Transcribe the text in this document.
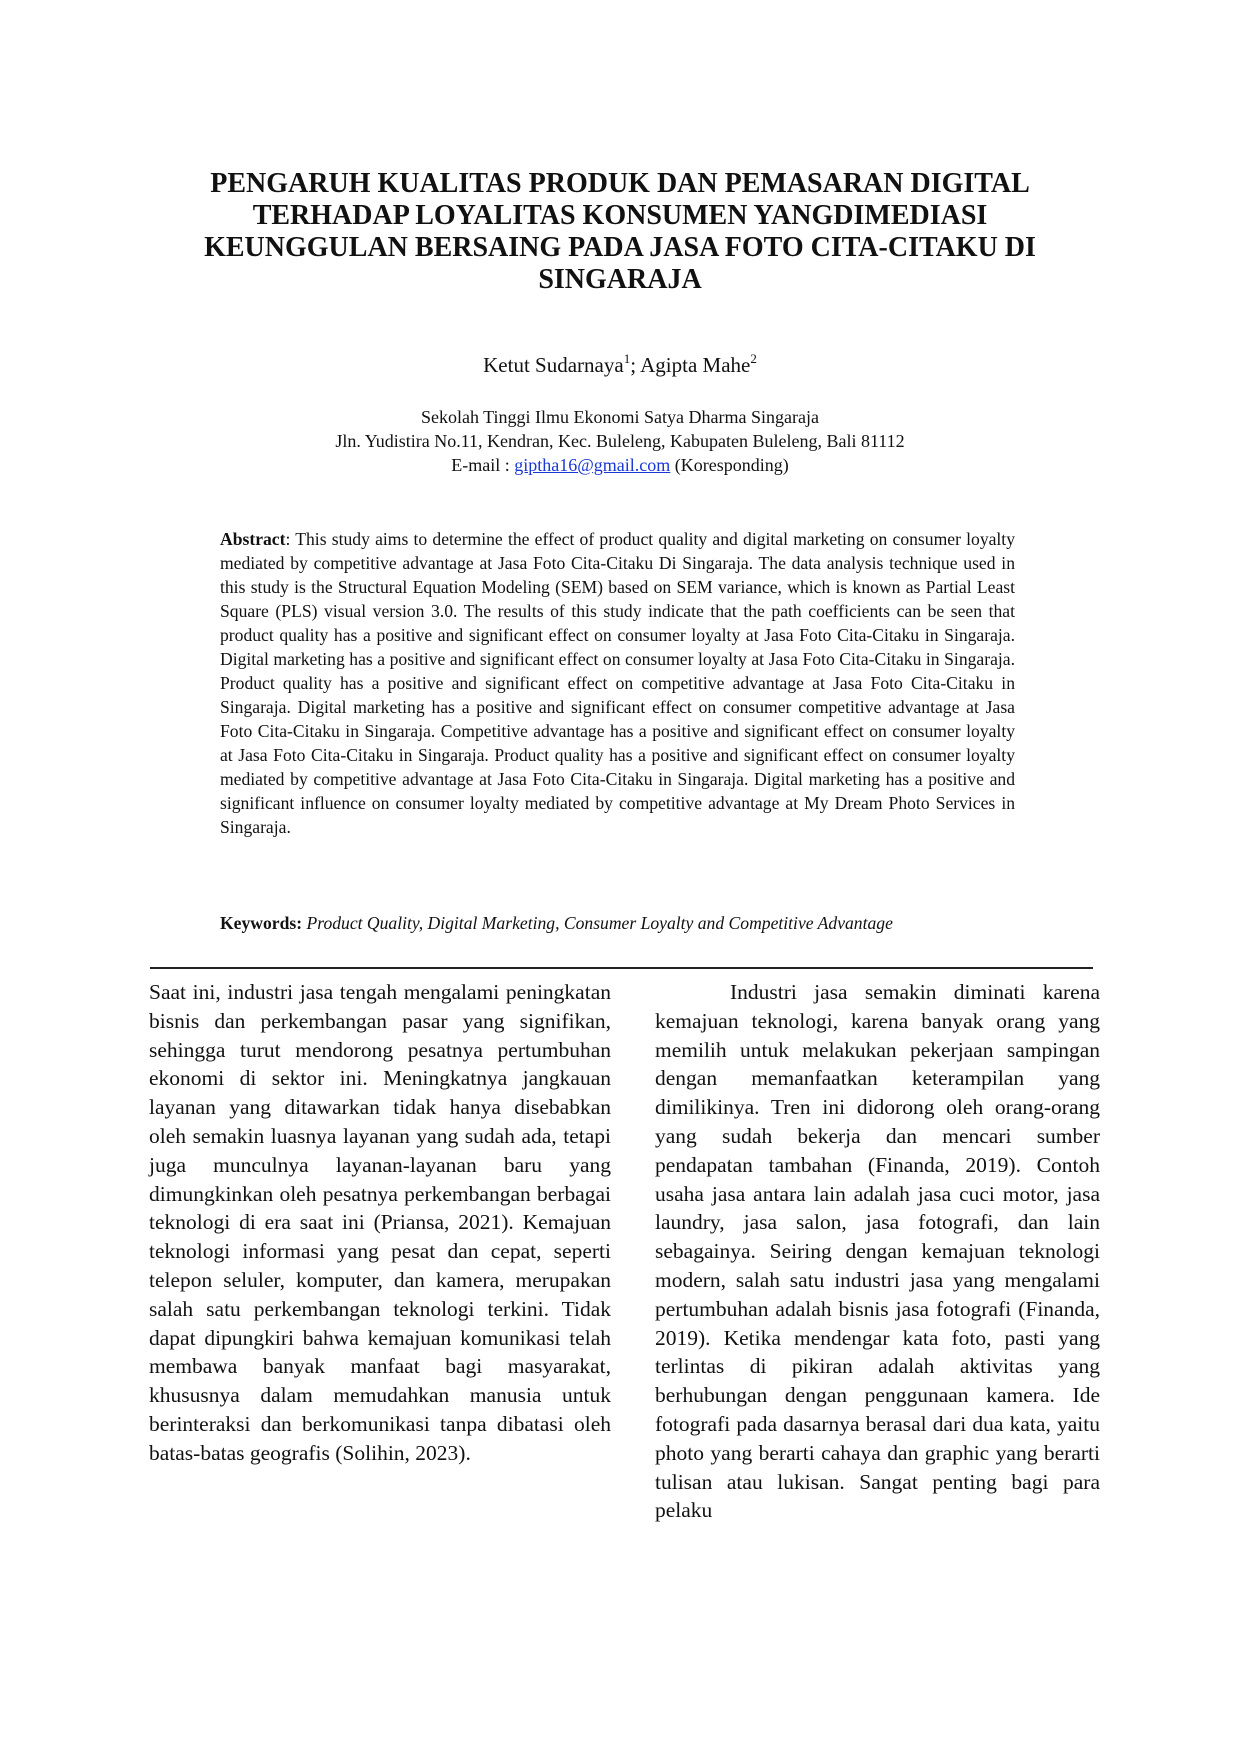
PENGARUH KUALITAS PRODUK DAN PEMASARAN DIGITAL
TERHADAP LOYALITAS KONSUMEN YANGDIMEDIASI
KEUNGGULAN BERSAING PADA JASA FOTO CITA-CITAKU DI
SINGARAJA
Ketut Sudarnaya$^1$; Agipta Mahe$^2$
Sekolah Tinggi Ilmu Ekonomi Satya Dharma Singaraja
Jln. Yudistira No.11, Kendran, Kec. Buleleng, Kabupaten Buleleng, Bali 81112
E-mail : giptha16@gmail.com (Koresponding)

Abstract: This study aims to determine the effect of product quality and digital marketing on consumer loyalty mediated by competitive advantage at Jasa Foto Cita-Citaku Di Singaraja. The data analysis technique used in this study is the Structural Equation Modeling (SEM) based on SEM variance, which is known as Partial Least Square (PLS) visual version 3.0. The results of this study indicate that the path coefficients can be seen that product quality has a positive and significant effect on consumer loyalty at Jasa Foto Cita-Citaku in Singaraja. Digital marketing has a positive and significant effect on consumer loyalty at Jasa Foto Cita-Citaku in Singaraja. Product quality has a positive and significant effect on competitive advantage at Jasa Foto Cita-Citaku in Singaraja. Digital marketing has a positive and significant effect on consumer competitive advantage at Jasa Foto Cita-Citaku in Singaraja. Competitive advantage has a positive and significant effect on consumer loyalty at Jasa Foto Cita-Citaku in Singaraja. Product quality has a positive and significant effect on consumer loyalty mediated by competitive advantage at Jasa Foto Cita-Citaku in Singaraja. Digital marketing has a positive and significant influence on consumer loyalty mediated by competitive advantage at My Dream Photo Services in Singaraja.

Keywords: Product Quality, Digital Marketing, Consumer Loyalty and Competitive Advantage

Saat ini, industri jasa tengah mengalami peningkatan bisnis dan perkembangan pasar yang signifikan, sehingga turut mendorong pesatnya pertumbuhan ekonomi di sektor ini. Meningkatnya jangkauan layanan yang ditawarkan tidak hanya disebabkan oleh semakin luasnya layanan yang sudah ada, tetapi juga munculnya layanan-layanan baru yang dimungkinkan oleh pesatnya perkembangan berbagai teknologi di era saat ini (Priansa, 2021). Kemajuan teknologi informasi yang pesat dan cepat, seperti telepon seluler, komputer, dan kamera, merupakan salah satu perkembangan teknologi terkini. Tidak dapat dipungkiri bahwa kemajuan komunikasi telah membawa banyak manfaat bagi masyarakat, khususnya dalam memudahkan manusia untuk berinteraksi dan berkomunikasi tanpa dibatasi oleh batas-batas geografis (Solihin, 2023).

Industri jasa semakin diminati karena kemajuan teknologi, karena banyak orang yang memilih untuk melakukan pekerjaan sampingan dengan memanfaatkan keterampilan yang dimilikinya. Tren ini didorong oleh orang-orang yang sudah bekerja dan mencari sumber pendapatan tambahan (Finanda, 2019). Contoh usaha jasa antara lain adalah jasa cuci motor, jasa laundry, jasa salon, jasa fotografi, dan lain sebagainya. Seiring dengan kemajuan teknologi modern, salah satu industri jasa yang mengalami pertumbuhan adalah bisnis jasa fotografi (Finanda, 2019). Ketika mendengar kata foto, pasti yang terlintas di pikiran adalah aktivitas yang berhubungan dengan penggunaan kamera. Ide fotografi pada dasarnya berasal dari dua kata, yaitu photo yang berarti cahaya dan graphic yang berarti tulisan atau lukisan. Sangat penting bagi para pelaku
